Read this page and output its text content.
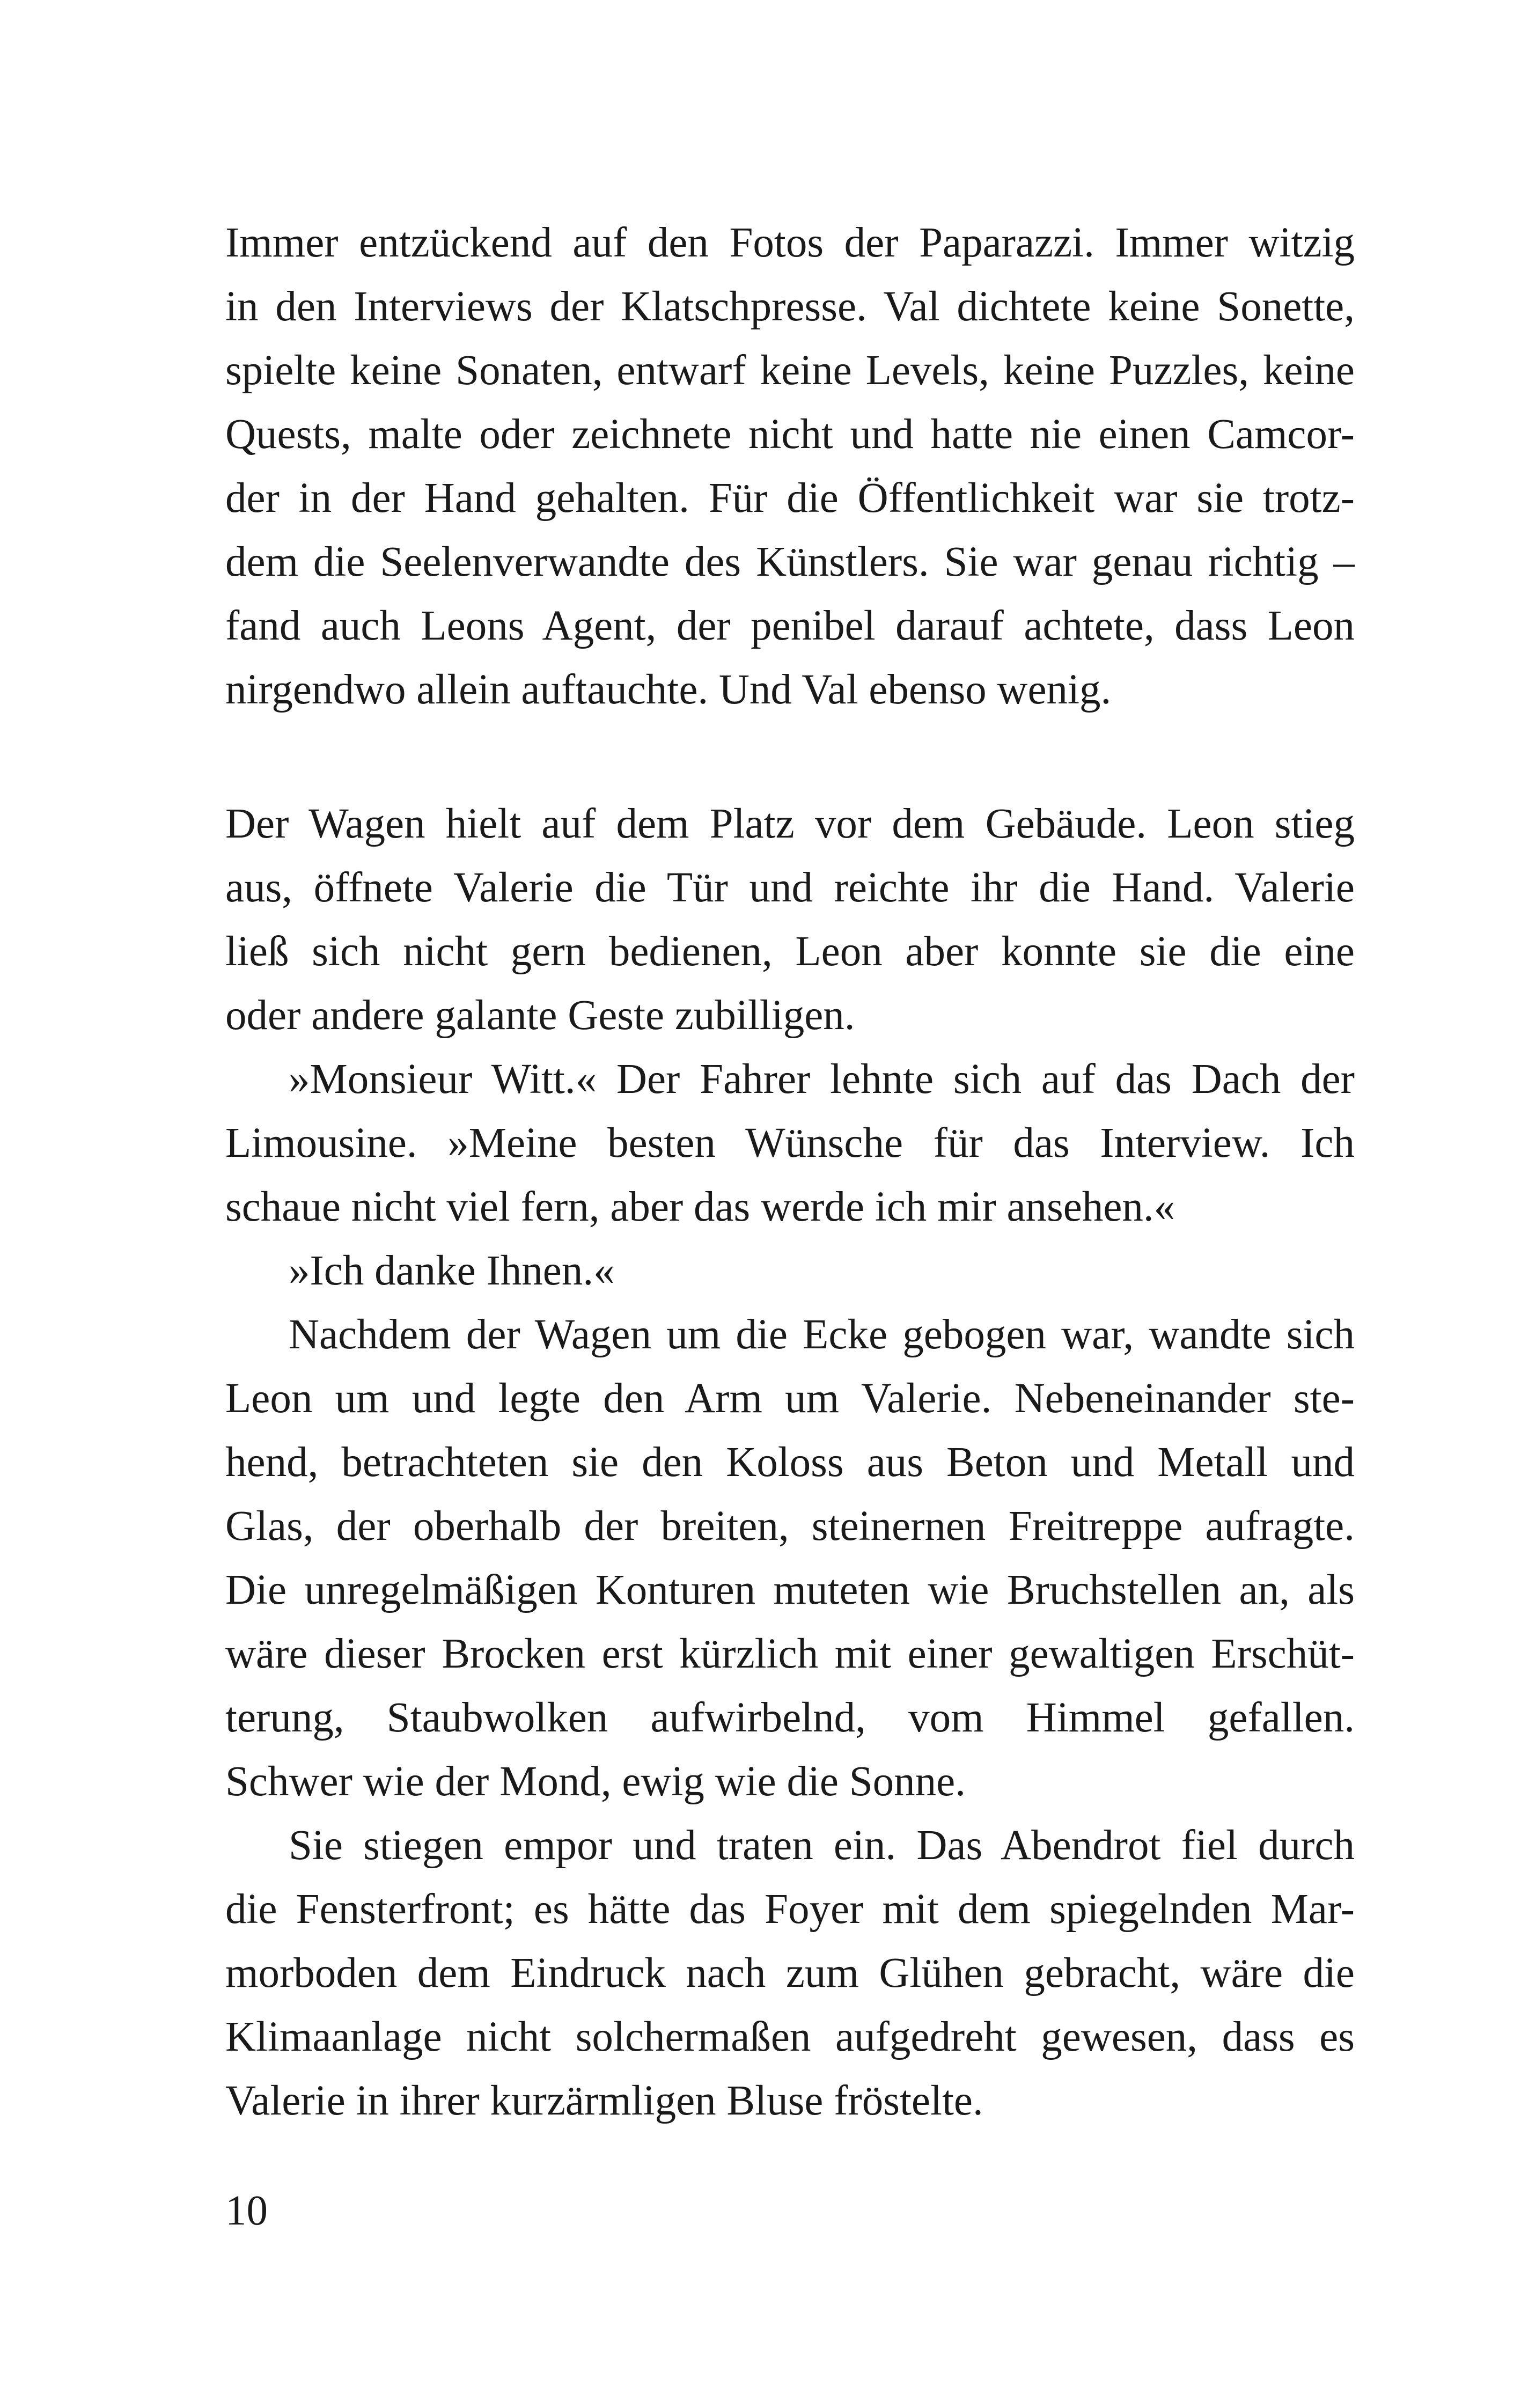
Immer entzückend auf den Fotos der Paparazzi. Immer witzig
in den Interviews der Klatschpresse. Val dichtete keine Sonette,
spielte keine Sonaten, entwarf keine Levels, keine Puzzles, keine
Quests, malte oder zeichnete nicht und hatte nie einen Camcor-
der in der Hand gehalten. Für die Öffentlichkeit war sie trotz-
dem die Seelenverwandte des Künstlers. Sie war genau richtig –
fand auch Leons Agent, der penibel darauf achtete, dass Leon
nirgendwo allein auftauchte. Und Val ebenso wenig.
Der Wagen hielt auf dem Platz vor dem Gebäude. Leon stieg
aus, öffnete Valerie die Tür und reichte ihr die Hand. Valerie
ließ sich nicht gern bedienen, Leon aber konnte sie die eine
oder andere galante Geste zubilligen.
»Monsieur Witt.« Der Fahrer lehnte sich auf das Dach der
Limousine. »Meine besten Wünsche für das Interview. Ich
schaue nicht viel fern, aber das werde ich mir ansehen.«
»Ich danke Ihnen.«
Nachdem der Wagen um die Ecke gebogen war, wandte sich
Leon um und legte den Arm um Valerie. Nebeneinander ste-
hend, betrachteten sie den Koloss aus Beton und Metall und
Glas, der oberhalb der breiten, steinernen Freitreppe aufragte.
Die unregelmäßigen Konturen muteten wie Bruchstellen an, als
wäre dieser Brocken erst kürzlich mit einer gewaltigen Erschüt-
terung, Staubwolken aufwirbelnd, vom Himmel gefallen.
Schwer wie der Mond, ewig wie die Sonne.
Sie stiegen empor und traten ein. Das Abendrot fiel durch
die Fensterfront; es hätte das Foyer mit dem spiegelnden Mar-
morboden dem Eindruck nach zum Glühen gebracht, wäre die
Klimaanlage nicht solchermaßen aufgedreht gewesen, dass es
Valerie in ihrer kurzärmligen Bluse fröstelte.
10
